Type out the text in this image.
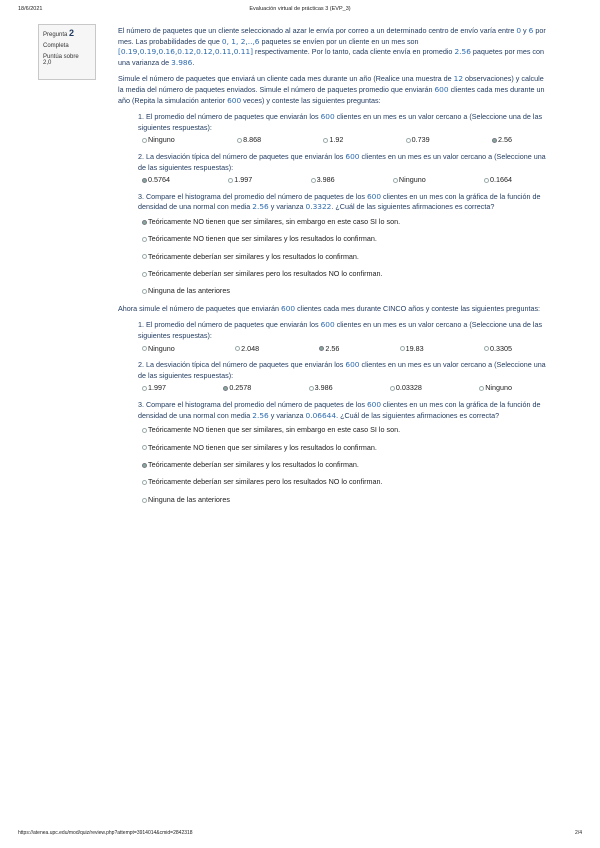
18/6/2021	Evaluación virtual de prácticas 3 (EVP_3)
Pregunta 2
Completa
Puntúa sobre
2,0

El número de paquetes que un cliente seleccionado al azar le envía por correo a un determinado centro de envío varía entre 0 y 6 por mes. Las probabilidades de que 0, 1, 2,..,6 paquetes se envíen por un cliente en un mes son [0.19,0.19,0.16,0.12,0.12,0.11,0.11] respectivamente. Por lo tanto, cada cliente envía en promedio 2.56 paquetes por mes con una varianza de 3.986.

Simule el número de paquetes que enviará un cliente cada mes durante un año (Realice una muestra de 12 observaciones) y calcule la media del número de paquetes enviados. Simule el número de paquetes promedio que enviarán 600 clientes cada mes durante un año (Repita la simulación anterior 600 veces) y conteste las siguientes preguntas:

1. El promedio del número de paquetes que enviarán los 600 clientes en un mes es un valor cercano a (Seleccione una de las siguientes respuestas):
Ninguno	8.868	1.92	0.739	2.56
2. La desviación típica del número de paquetes que enviarán los 600 clientes en un mes es un valor cercano a (Seleccione una de las siguientes respuestas):
0.5764	1.997	3.986	Ninguno	0.1664
3. Compare el histograma del promedio del número de paquetes de los 600 clientes en un mes con la gráfica de la función de densidad de una normal con media 2.56 y varianza 0.3322. ¿Cuál de las siguientes afirmaciones es correcta?
Teóricamente NO tienen que ser similares, sin embargo en este caso SI lo son.
Teóricamente NO tienen que ser similares y los resultados lo confirman.
Teóricamente deberían ser similares y los resultados lo confirman.
Teóricamente deberían ser similares pero los resultados NO lo confirman.
Ninguna de las anteriores

Ahora simule el número de paquetes que enviarán 600 clientes cada mes durante CINCO años y conteste las siguientes preguntas:

1. El promedio del número de paquetes que enviarán los 600 clientes en un mes es un valor cercano a (Seleccione una de las siguientes respuestas):
Ninguno	2.048	2.56	19.83	0.3305
2. La desviación típica del número de paquetes que enviarán los 600 clientes en un mes es un valor cercano a (Seleccione una de las siguientes respuestas):
1.997	0.2578	3.986	0.03328	Ninguno
3. Compare el histograma del promedio del número de paquetes de los 600 clientes en un mes con la gráfica de la función de densidad de una normal con media 2.56 y varianza 0.06644. ¿Cuál de las siguientes afirmaciones es correcta?
Teóricamente NO tienen que ser similares, sin embargo en este caso SI lo son.
Teóricamente NO tienen que ser similares y los resultados lo confirman.
Teóricamente deberían ser similares y los resultados lo confirman.
Teóricamente deberían ser similares pero los resultados NO lo confirman.
Ninguna de las anteriores
https://atenea.upc.edu/mod/quiz/review.php?attempt=3914014&cmid=2842318	2/4
